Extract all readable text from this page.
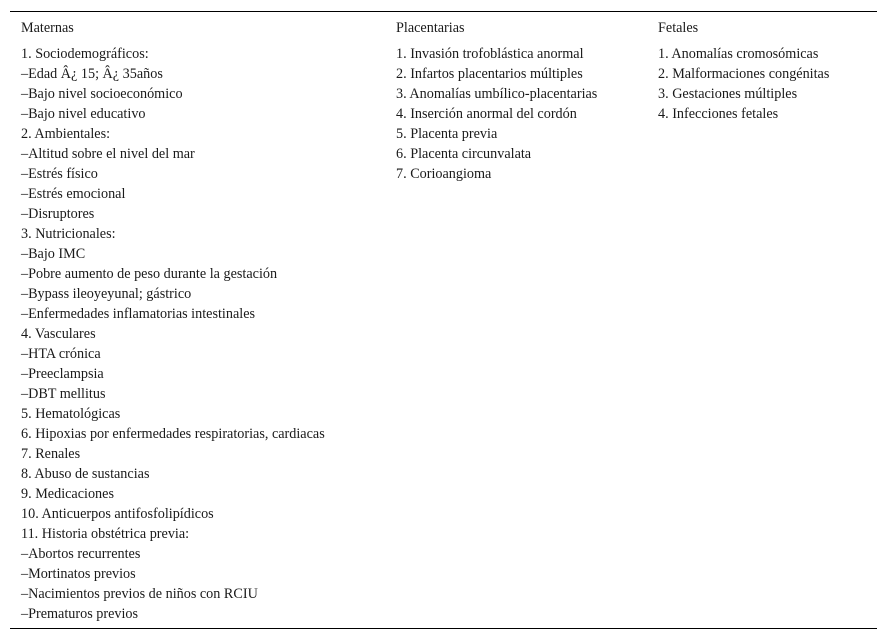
Maternas
1. Sociodemográficos:
–Edad Â¿ 15; Â¿ 35años
–Bajo nivel socioeconómico
–Bajo nivel educativo
2. Ambientales:
–Altitud sobre el nivel del mar
–Estrés físico
–Estrés emocional
–Disruptores
3. Nutricionales:
–Bajo IMC
–Pobre aumento de peso durante la gestación
–Bypass ileoyeyunal; gástrico
–Enfermedades inflamatorias intestinales
4. Vasculares
–HTA crónica
–Preeclampsia
–DBT mellitus
5. Hematológicas
6. Hipoxias por enfermedades respiratorias, cardiacas
7. Renales
8. Abuso de sustancias
9. Medicaciones
10. Anticuerpos antifosfolipídicos
11. Historia obstétrica previa:
–Abortos recurrentes
–Mortinatos previos
–Nacimientos previos de niños con RCIU
–Prematuros previos
Placentarias
1. Invasión trofoblástica anormal
2. Infartos placentarios múltiples
3. Anomalías umbílico-placentarias
4. Inserción anormal del cordón
5. Placenta previa
6. Placenta circunvalata
7. Corioangioma
Fetales
1. Anomalías cromosómicas
2. Malformaciones congénitas
3. Gestaciones múltiples
4. Infecciones fetales
